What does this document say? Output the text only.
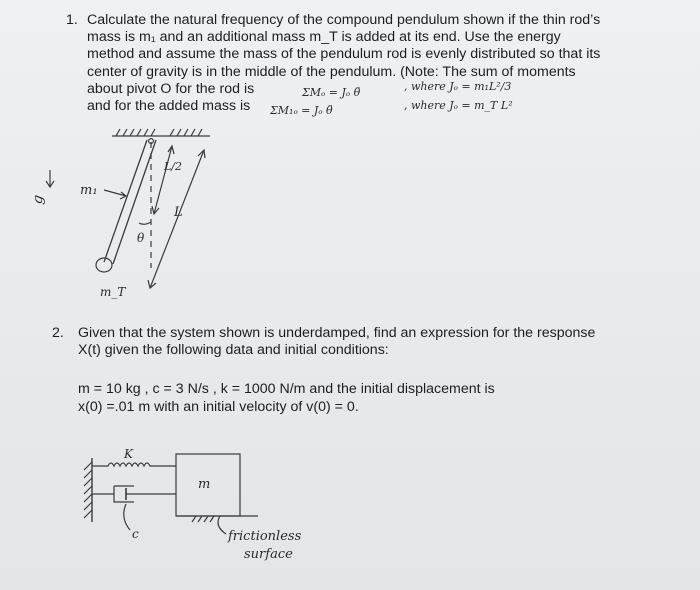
1. Calculate the natural frequency of the compound pendulum shown if the thin rod’s
mass is m₁ and an additional mass m_T is added at its end. Use the energy
method and assume the mass of the pendulum rod is evenly distributed so that its
center of gravity is in the middle of the pendulum. (Note: The sum of moments
about pivot O for the rod is
and for the added mass is
ΣMₒ = Jₒ θ̈	, where Jₒ = m₁L²/3
ΣM₁ₒ = Jₒ θ̈	, where Jₒ = m_T L²
g
m₁
L/2
L
θ
m_T
K
c
m
frictionless
surface
2. Given that the system shown is underdamped, find an expression for the response
X(t) given the following data and initial conditions:
m = 10 kg , c = 3 N/s , k = 1000 N/m and the initial displacement is
x(0) =.01 m with an initial velocity of v(0) = 0.
